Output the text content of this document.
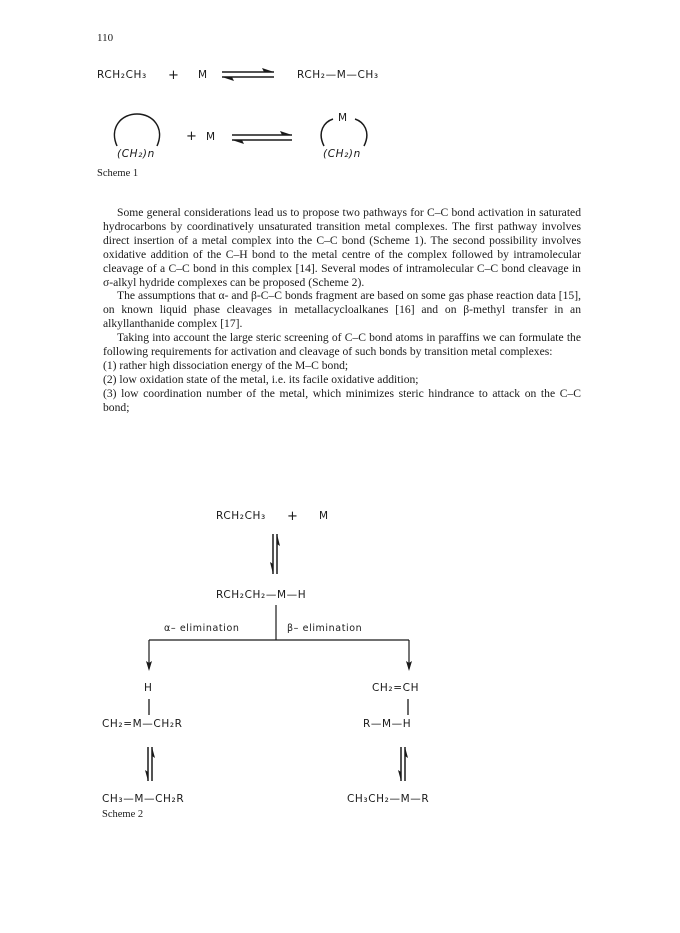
110
RCH₂CH₃ + M	RCH₂—M—CH₃
(CH₂)n
+ M
M
(CH₂)n
Scheme 1

Some general considerations lead us to propose two pathways for C–C bond activation in saturated hydrocarbons by coordinatively unsaturated transition metal complexes. The first pathway involves direct insertion of a metal complex into the C–C bond (Scheme 1). The second possibility involves oxidative addition of the C–H bond to the metal centre of the complex followed by intramolecular cleavage of a C–C bond in this complex [14]. Several modes of intramolecular C–C bond cleavage in σ-alkyl hydride complexes can be proposed (Scheme 2).

The assumptions that α- and β-C–C bonds fragment are based on some gas phase reaction data [15], on known liquid phase cleavages in metallacycloalkanes [16] and on β-methyl transfer in an alkyllanthanide complex [17].

Taking into account the large steric screening of C–C bond atoms in paraffins we can formulate the following requirements for activation and cleavage of such bonds by transition metal complexes:

(1) rather high dissociation energy of the M–C bond;

(2) low oxidation state of the metal, i.e. its facile oxidative addition;

(3) low coordination number of the metal, which minimizes steric hindrance to attack on the C–C bond;

RCH₂CH₃ + M
RCH₂CH₂—M—H
α– elimination	β– elimination
H
CH₂=M—CH₂R
CH₃—M—CH₂R
CH₂=CH
R—M—H
CH₃CH₂—M—R
Scheme 2
